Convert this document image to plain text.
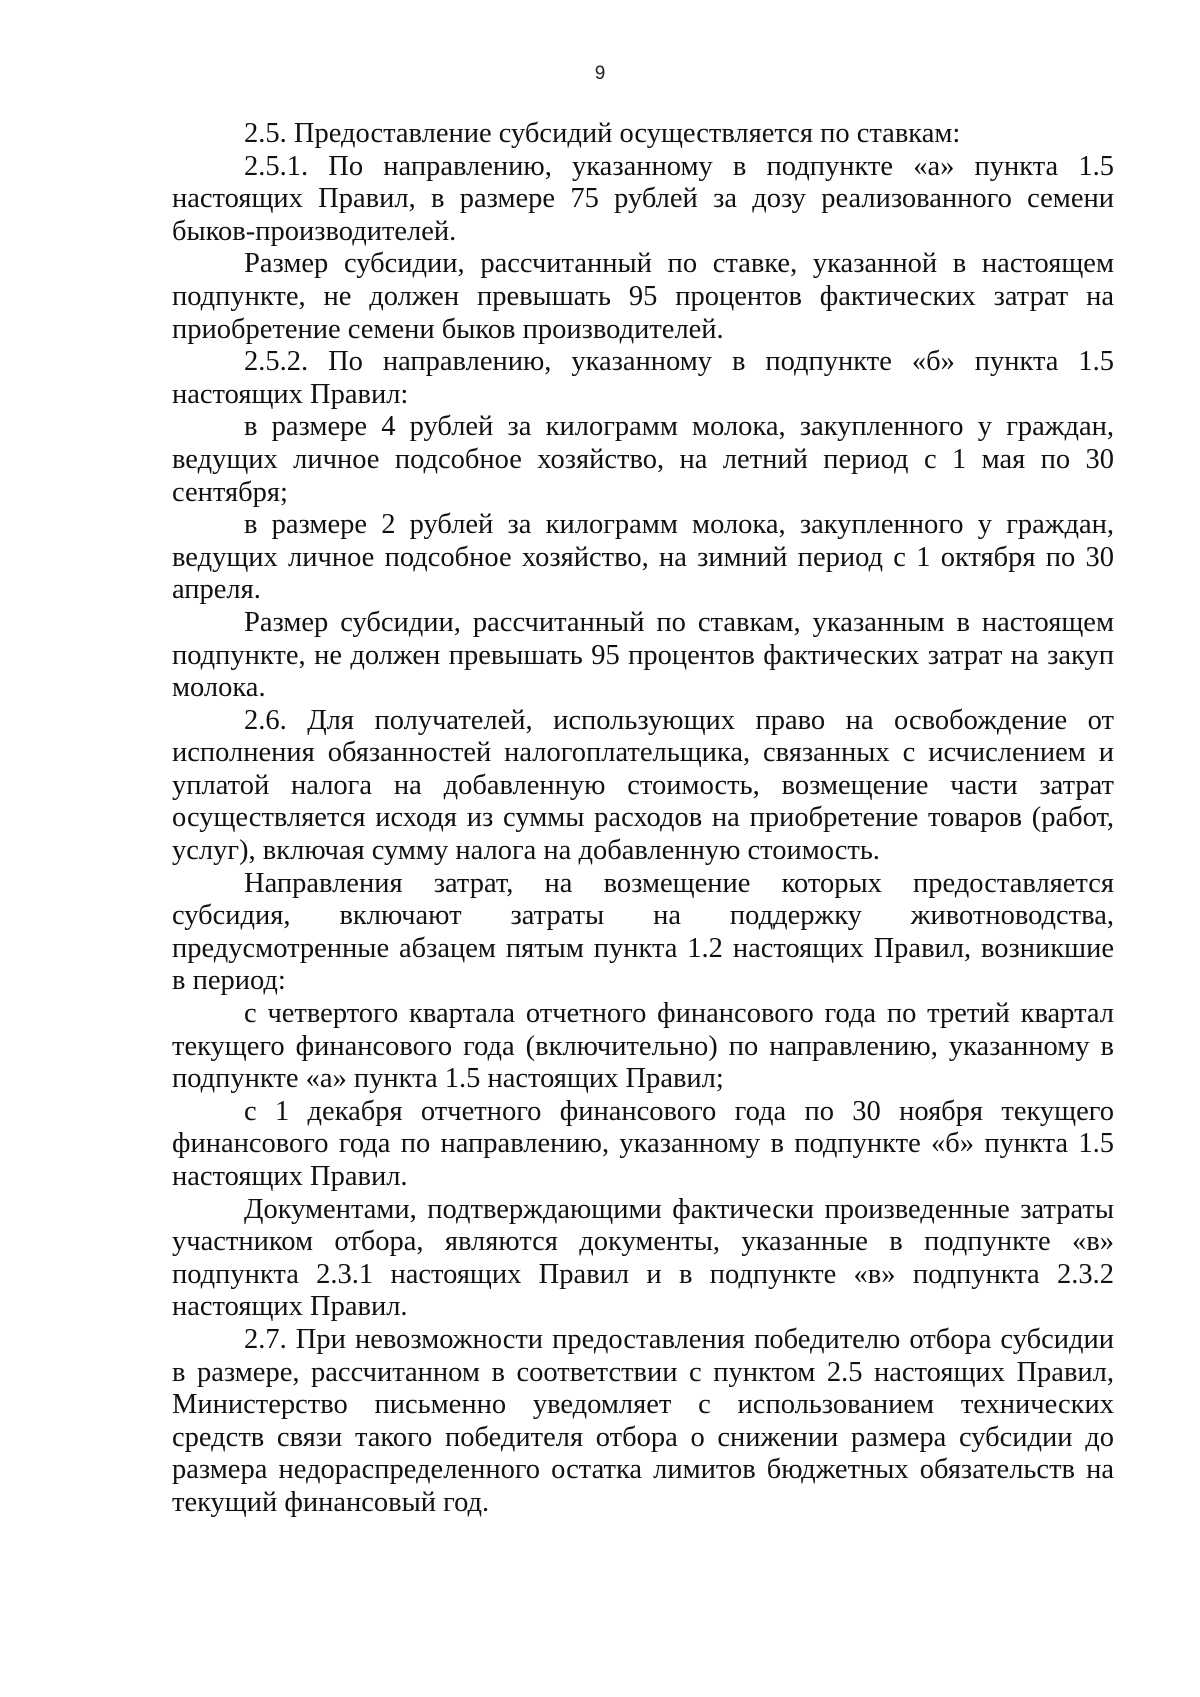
9

2.5. Предоставление субсидий осуществляется по ставкам:

2.5.1. По направлению, указанному в подпункте «а» пункта 1.5 настоящих Правил, в размере 75 рублей за дозу реализованного семени быков-производителей.

Размер субсидии, рассчитанный по ставке, указанной в настоящем подпункте, не должен превышать 95 процентов фактических затрат на приобретение семени быков производителей.

2.5.2. По направлению, указанному в подпункте «б» пункта 1.5 настоящих Правил:

в размере 4 рублей за килограмм молока, закупленного у граждан, ведущих личное подсобное хозяйство, на летний период с 1 мая по 30 сентября;

в размере 2 рублей за килограмм молока, закупленного у граждан, ведущих личное подсобное хозяйство, на зимний период с 1 октября по 30 апреля.

Размер субсидии, рассчитанный по ставкам, указанным в настоящем подпункте, не должен превышать 95 процентов фактических затрат на закуп молока.

2.6. Для получателей, использующих право на освобождение от исполнения обязанностей налогоплательщика, связанных с исчислением и уплатой налога на добавленную стоимость, возмещение части затрат осуществляется исходя из суммы расходов на приобретение товаров (работ, услуг), включая сумму налога на добавленную стоимость.

Направления затрат, на возмещение которых предоставляется субсидия, включают затраты на поддержку животноводства, предусмотренные абзацем пятым пункта 1.2 настоящих Правил, возникшие в период:

с четвертого квартала отчетного финансового года по третий квартал текущего финансового года (включительно) по направлению, указанному в подпункте «а» пункта 1.5 настоящих Правил;

с 1 декабря отчетного финансового года по 30 ноября текущего финансового года по направлению, указанному в подпункте «б» пункта 1.5 настоящих Правил.

Документами, подтверждающими фактически произведенные затраты участником отбора, являются документы, указанные в подпункте «в» подпункта 2.3.1 настоящих Правил и в подпункте «в» подпункта 2.3.2 настоящих Правил.

2.7. При невозможности предоставления победителю отбора субсидии в размере, рассчитанном в соответствии с пунктом 2.5 настоящих Правил, Министерство письменно уведомляет с использованием технических средств связи такого победителя отбора о снижении размера субсидии до размера недораспределенного остатка лимитов бюджетных обязательств на текущий финансовый год.
